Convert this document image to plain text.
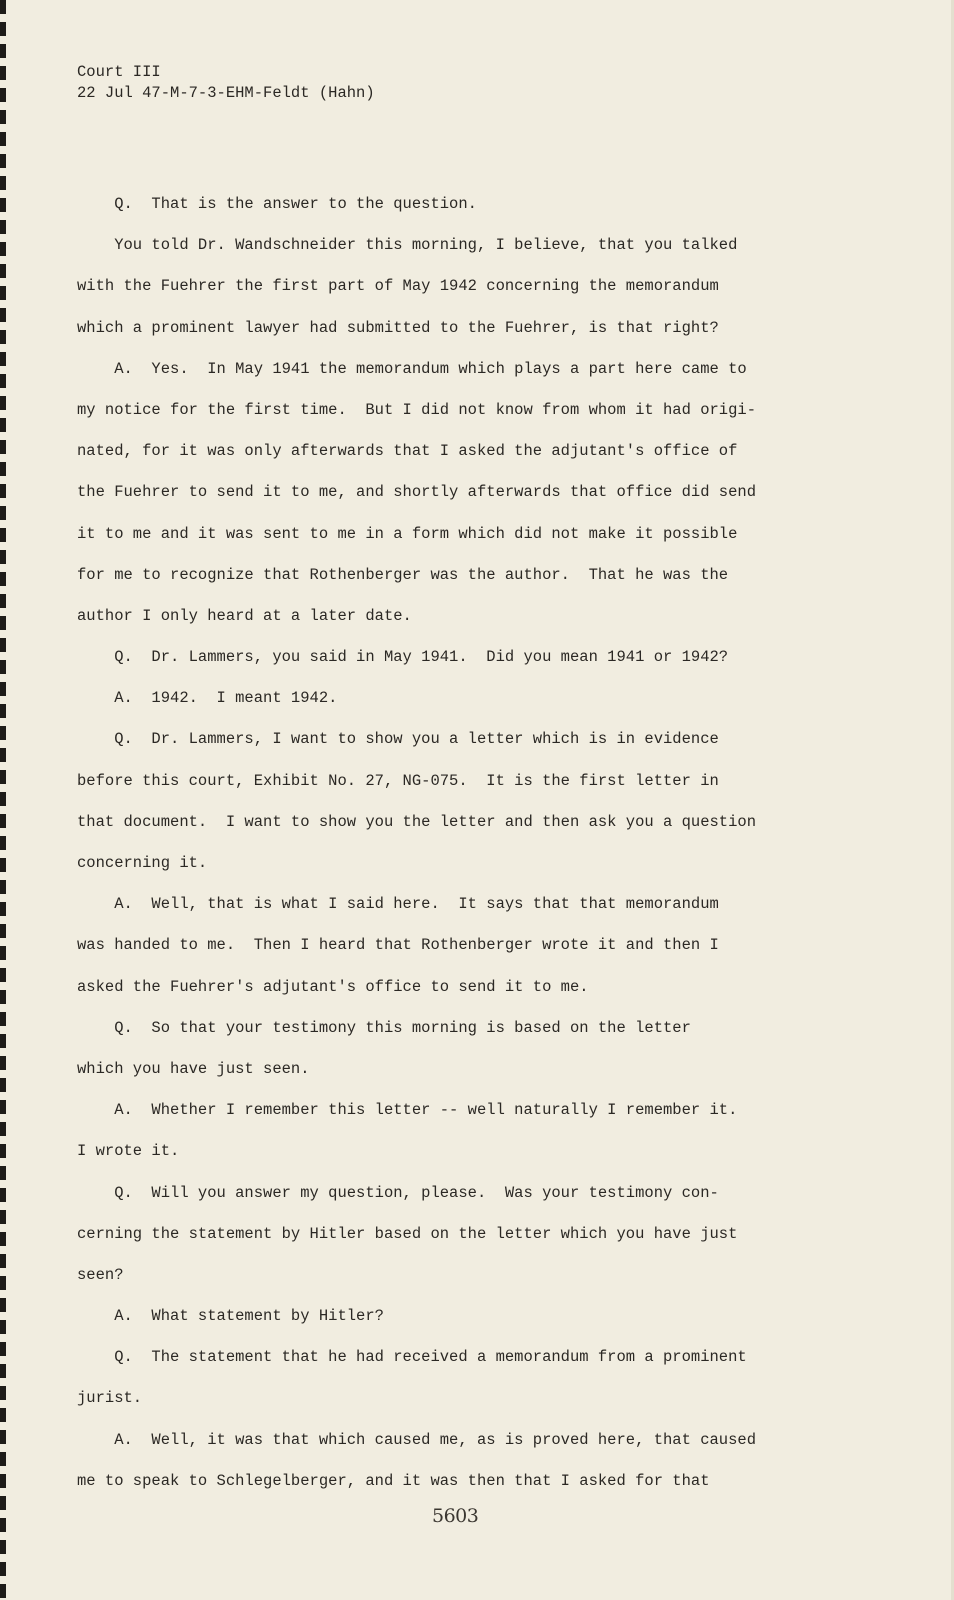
Court III
22 Jul 47-M-7-3-EHM-Feldt (Hahn)

Q.  That is the answer to the question.
You told Dr. Wandschneider this morning, I believe, that you talked
with the Fuehrer the first part of May 1942 concerning the memorandum
which a prominent lawyer had submitted to the Fuehrer, is that right?
A.  Yes.  In May 1941 the memorandum which plays a part here came to
my notice for the first time.  But I did not know from whom it had origi-
nated, for it was only afterwards that I asked the adjutant's office of
the Fuehrer to send it to me, and shortly afterwards that office did send
it to me and it was sent to me in a form which did not make it possible
for me to recognize that Rothenberger was the author.  That he was the
author I only heard at a later date.
Q.  Dr. Lammers, you said in May 1941.  Did you mean 1941 or 1942?
A.  1942.  I meant 1942.
Q.  Dr. Lammers, I want to show you a letter which is in evidence
before this court, Exhibit No. 27, NG-075.  It is the first letter in
that document.  I want to show you the letter and then ask you a question
concerning it.
A.  Well, that is what I said here.  It says that that memorandum
was handed to me.  Then I heard that Rothenberger wrote it and then I
asked the Fuehrer's adjutant's office to send it to me.
Q.  So that your testimony this morning is based on the letter
which you have just seen.
A.  Whether I remember this letter -- well naturally I remember it.
I wrote it.
Q.  Will you answer my question, please.  Was your testimony con-
cerning the statement by Hitler based on the letter which you have just
seen?
A.  What statement by Hitler?
Q.  The statement that he had received a memorandum from a prominent
jurist.
A.  Well, it was that which caused me, as is proved here, that caused
me to speak to Schlegelberger, and it was then that I asked for that

5603
